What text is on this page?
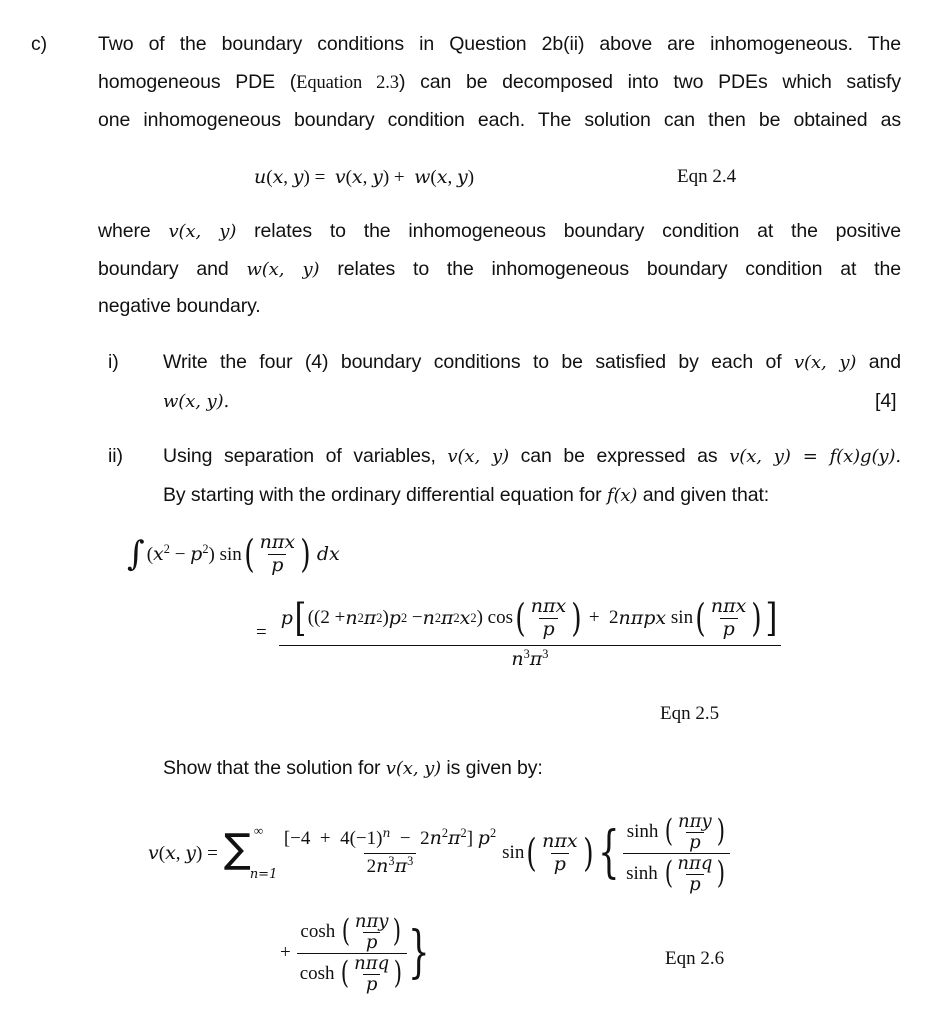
c)	Two of the boundary conditions in Question 2b(ii) above are inhomogeneous. The
homogeneous PDE (Equation 2.3) can be decomposed into two PDEs which satisfy
one inhomogeneous boundary condition each. The solution can then be obtained as
u(x, y) =  v(x, y) +  w(x, y)	Eqn 2.4
where v(x, y) relates to the inhomogeneous boundary condition at the positive
boundary and w(x, y) relates to the inhomogeneous boundary condition at the
negative boundary.
i) Write the four (4) boundary conditions to be satisfied by each of v(x, y) and
w(x, y).	[4]
ii) Using separation of variables, v(x, y) can be expressed as v(x, y) = f(x)g(y).
By starting with the ordinary differential equation for f(x) and given that:
∫ $(x^2 - p^2)$ sin ( $\frac{\text{nπx}}{p}$ ) dx
=
p [ ((2 + n 2 π 2 ) p 2 − n 2 π 2 x 2 ) cos ( $\frac{\text{nπx}}{p}$ ) +  2 nπpx
sin ( $\frac{\text{nπx}}{p}$ ) ]
$n^3\pi^3$
Eqn 2.5
Show that the solution for v(x, y) is given by:
v(x, y) = ∑ ∞
$n=1 \frac{[-4 + 4(-1)^n - 2n^2\pi^2] p^2}{2n^3\pi^3}$ sin ( $\frac{\text{nπx}}{p}$ ) { $\frac{\sinh ( \frac{\text{nπy}}{p} )}{\sinh ( \frac{\text{nπq}}{p} )}$
+ $\frac{\cosh ( \frac{\text{nπy}}{p} )}{\cosh ( \frac{\text{nπq}}{p} )}$ }	Eqn 2.6
